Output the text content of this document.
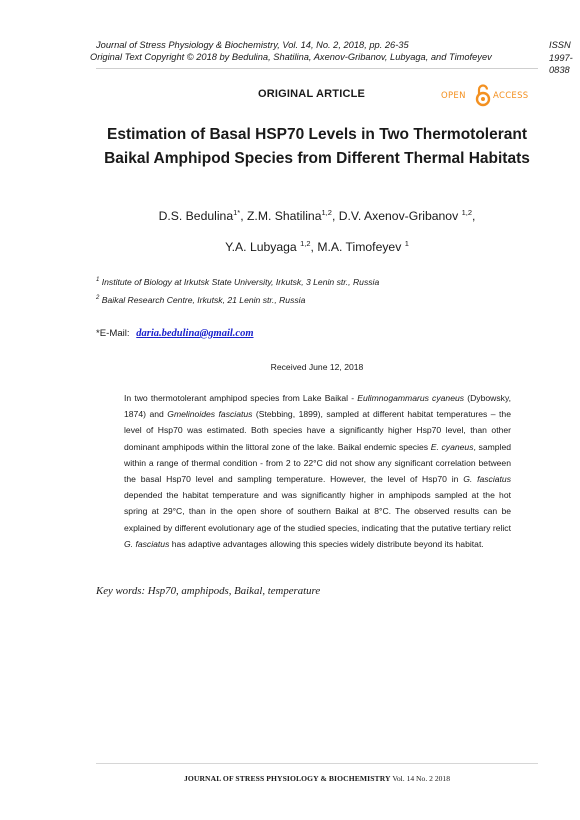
Journal of Stress Physiology & Biochemistry, Vol. 14, No. 2, 2018, pp. 26-35	ISSN 1997-0838
Original Text Copyright © 2018 by Bedulina, Shatilina, Axenov-Gribanov, Lubyaga, and Timofeyev
ORIGINAL ARTICLE	OPEN	ACCESS
Estimation of Basal HSP70 Levels in Two Thermotolerant Baikal Amphipod Species from Different Thermal Habitats
D.S. Bedulina$^{1*}$, Z.M. Shatilina$^{1,2}$, D.V. Axenov-Gribanov $^{1,2}$,
Y.A. Lubyaga $^{1,2}$, M.A. Timofeyev $^1$
$^1$ Institute of Biology at Irkutsk State University, Irkutsk, 3 Lenin str., Russia
$^2$ Baikal Research Centre, Irkutsk, 21 Lenin str., Russia
*E-Mail: daria.bedulina@gmail.com
Received June 12, 2018
In two thermotolerant amphipod species from Lake Baikal - Eulimnogammarus cyaneus (Dybowsky, 1874) and Gmelinoides fasciatus (Stebbing, 1899), sampled at different habitat temperatures – the level of Hsp70 was estimated. Both species have a significantly higher Hsp70 level, than other dominant amphipods within the littoral zone of the lake. Baikal endemic species E. cyaneus, sampled within a range of thermal condition - from 2 to 22°C did not show any significant correlation between the basal Hsp70 level and sampling temperature. However, the level of Hsp70 in G. fasciatus depended the habitat temperature and was significantly higher in amphipods sampled at the hot spring at 29°C, than in the open shore of southern Baikal at 8°C. The observed results can be explained by different evolutionary age of the studied species, indicating that the putative tertiary relict G. fasciatus has adaptive advantages allowing this species widely distribute beyond its habitat.
Key words: Hsp70, amphipods, Baikal, temperature
JOURNAL OF STRESS PHYSIOLOGY & BIOCHEMISTRY Vol. 14 No. 2 2018
